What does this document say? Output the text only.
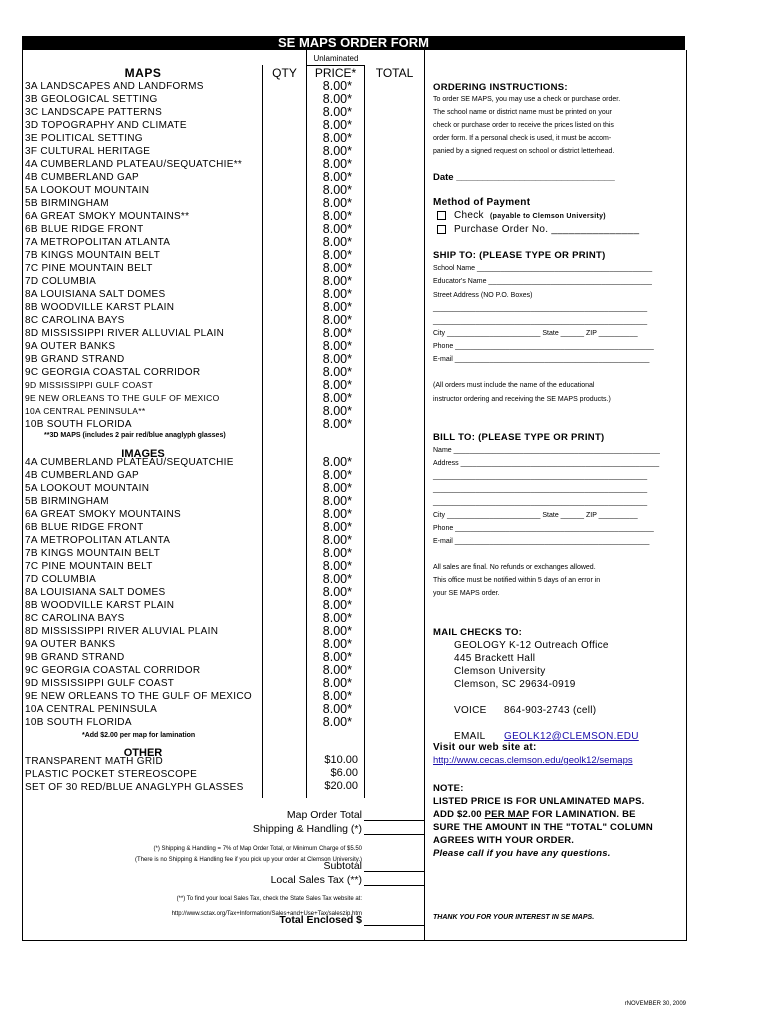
SE MAPS ORDER FORM
Unlaminated
MAPS	QTY	PRICE*	TOTAL
3A LANDSCAPES AND LANDFORMS	8.00*
3B GEOLOGICAL SETTING	8.00*
3C LANDSCAPE PATTERNS	8.00*
3D TOPOGRAPHY AND CLIMATE	8.00*
3E POLITICAL SETTING	8.00*
3F CULTURAL HERITAGE	8.00*
4A CUMBERLAND PLATEAU/SEQUATCHIE**	8.00*
4B CUMBERLAND GAP	8.00*
5A LOOKOUT MOUNTAIN	8.00*
5B BIRMINGHAM	8.00*
6A GREAT SMOKY MOUNTAINS**	8.00*
6B BLUE RIDGE FRONT	8.00*
7A METROPOLITAN ATLANTA	8.00*
7B KINGS MOUNTAIN BELT	8.00*
7C PINE MOUNTAIN BELT	8.00*
7D COLUMBIA	8.00*
8A LOUISIANA SALT DOMES	8.00*
8B WOODVILLE KARST PLAIN	8.00*
8C CAROLINA BAYS	8.00*
8D MISSISSIPPI RIVER ALLUVIAL PLAIN	8.00*
9A OUTER BANKS	8.00*
9B GRAND STRAND	8.00*
9C GEORGIA COASTAL CORRIDOR	8.00*
9D MISSISSIPPI GULF COAST	8.00*
9E NEW ORLEANS TO THE GULF OF MEXICO	8.00*
10A CENTRAL PENINSULA**	8.00*
10B SOUTH FLORIDA	8.00*
**3D MAPS (includes 2 pair red/blue anaglyph glasses)
IMAGES
4A CUMBERLAND PLATEAU/SEQUATCHIE	8.00*
4B CUMBERLAND GAP	8.00*
5A LOOKOUT MOUNTAIN	8.00*
5B BIRMINGHAM	8.00*
6A GREAT SMOKY MOUNTAINS	8.00*
6B BLUE RIDGE FRONT	8.00*
7A METROPOLITAN ATLANTA	8.00*
7B KINGS MOUNTAIN BELT	8.00*
7C PINE MOUNTAIN BELT	8.00*
7D COLUMBIA	8.00*
8A LOUISIANA SALT DOMES	8.00*
8B WOODVILLE KARST PLAIN	8.00*
8C CAROLINA BAYS	8.00*
8D MISSISSIPPI RIVER ALUVIAL PLAIN	8.00*
9A OUTER BANKS	8.00*
9B GRAND STRAND	8.00*
9C GEORGIA COASTAL CORRIDOR	8.00*
9D MISSISSIPPI GULF COAST	8.00*
9E NEW ORLEANS TO THE GULF OF MEXICO	8.00*
10A CENTRAL PENINSULA	8.00*
10B SOUTH FLORIDA	8.00*
*Add $2.00 per map for lamination
OTHER
TRANSPARENT MATH GRID	$10.00
PLASTIC POCKET STEREOSCOPE	$6.00
SET OF 30 RED/BLUE ANAGLYPH GLASSES	$20.00
Map Order Total
Shipping & Handling (*)
(*) Shipping & Handling = 7% of Map Order Total, or Minimum Charge of $5.50
(There is no Shipping & Handling fee if you pick up your order at Clemson University.)
Subtotal
Local Sales Tax (**)
(**) To find your local Sales Tax, check the State Sales Tax website at:
http://www.sctax.org/Tax+Information/Sales+and+Use+Tax/salesziр.htm
Total Enclosed $
ORDERING INSTRUCTIONS:
To order SE MAPS, you may use a check or purchase order.
The school name or district name must be printed on your
check or purchase order to receive the prices listed on this
order form. If a personal check is used, it must be accom-
panied by a signed request on school or district letterhead.
Date ______________________________
Method of Payment
Check (payable to Clemson University)
Purchase Order No. _______________
SHIP TO: (PLEASE TYPE OR PRINT)
School Name _____________________________________________
Educator's Name __________________________________________
Street Address (NO P.O. Boxes)
_______________________________________________________
_______________________________________________________
City ________________________ State ______ ZIP __________
Phone ___________________________________________________
E-mail __________________________________________________
(All orders must include the name of the educational
instructor ordering and receiving the SE MAPS products.)
BILL TO: (PLEASE TYPE OR PRINT)
Name _____________________________________________________
Address ___________________________________________________
_______________________________________________________
_______________________________________________________
_______________________________________________________
City ________________________ State ______ ZIP __________
Phone ___________________________________________________
E-mail __________________________________________________
All sales are final. No refunds or exchanges allowed.
This office must be notified within 5 days of an error in
your SE MAPS order.
MAIL CHECKS TO:
GEOLOGY K-12 Outreach Office
445 Brackett Hall
Clemson University
Clemson, SC 29634-0919
VOICE 864-903-2743 (cell)
EMAIL GEOLK12@CLEMSON.EDU
Visit our web site at:
http://www.cecas.clemson.edu/geolk12/semaps
NOTE:
LISTED PRICE IS FOR UNLAMINATED MAPS.
ADD $2.00 PER MAP FOR LAMINATION. BE
SURE THE AMOUNT IN THE "TOTAL" COLUMN
AGREES WITH YOUR ORDER.
Please call if you have any questions.
THANK YOU FOR YOUR INTEREST IN SE MAPS.
rNOVEMBER 30, 2009
